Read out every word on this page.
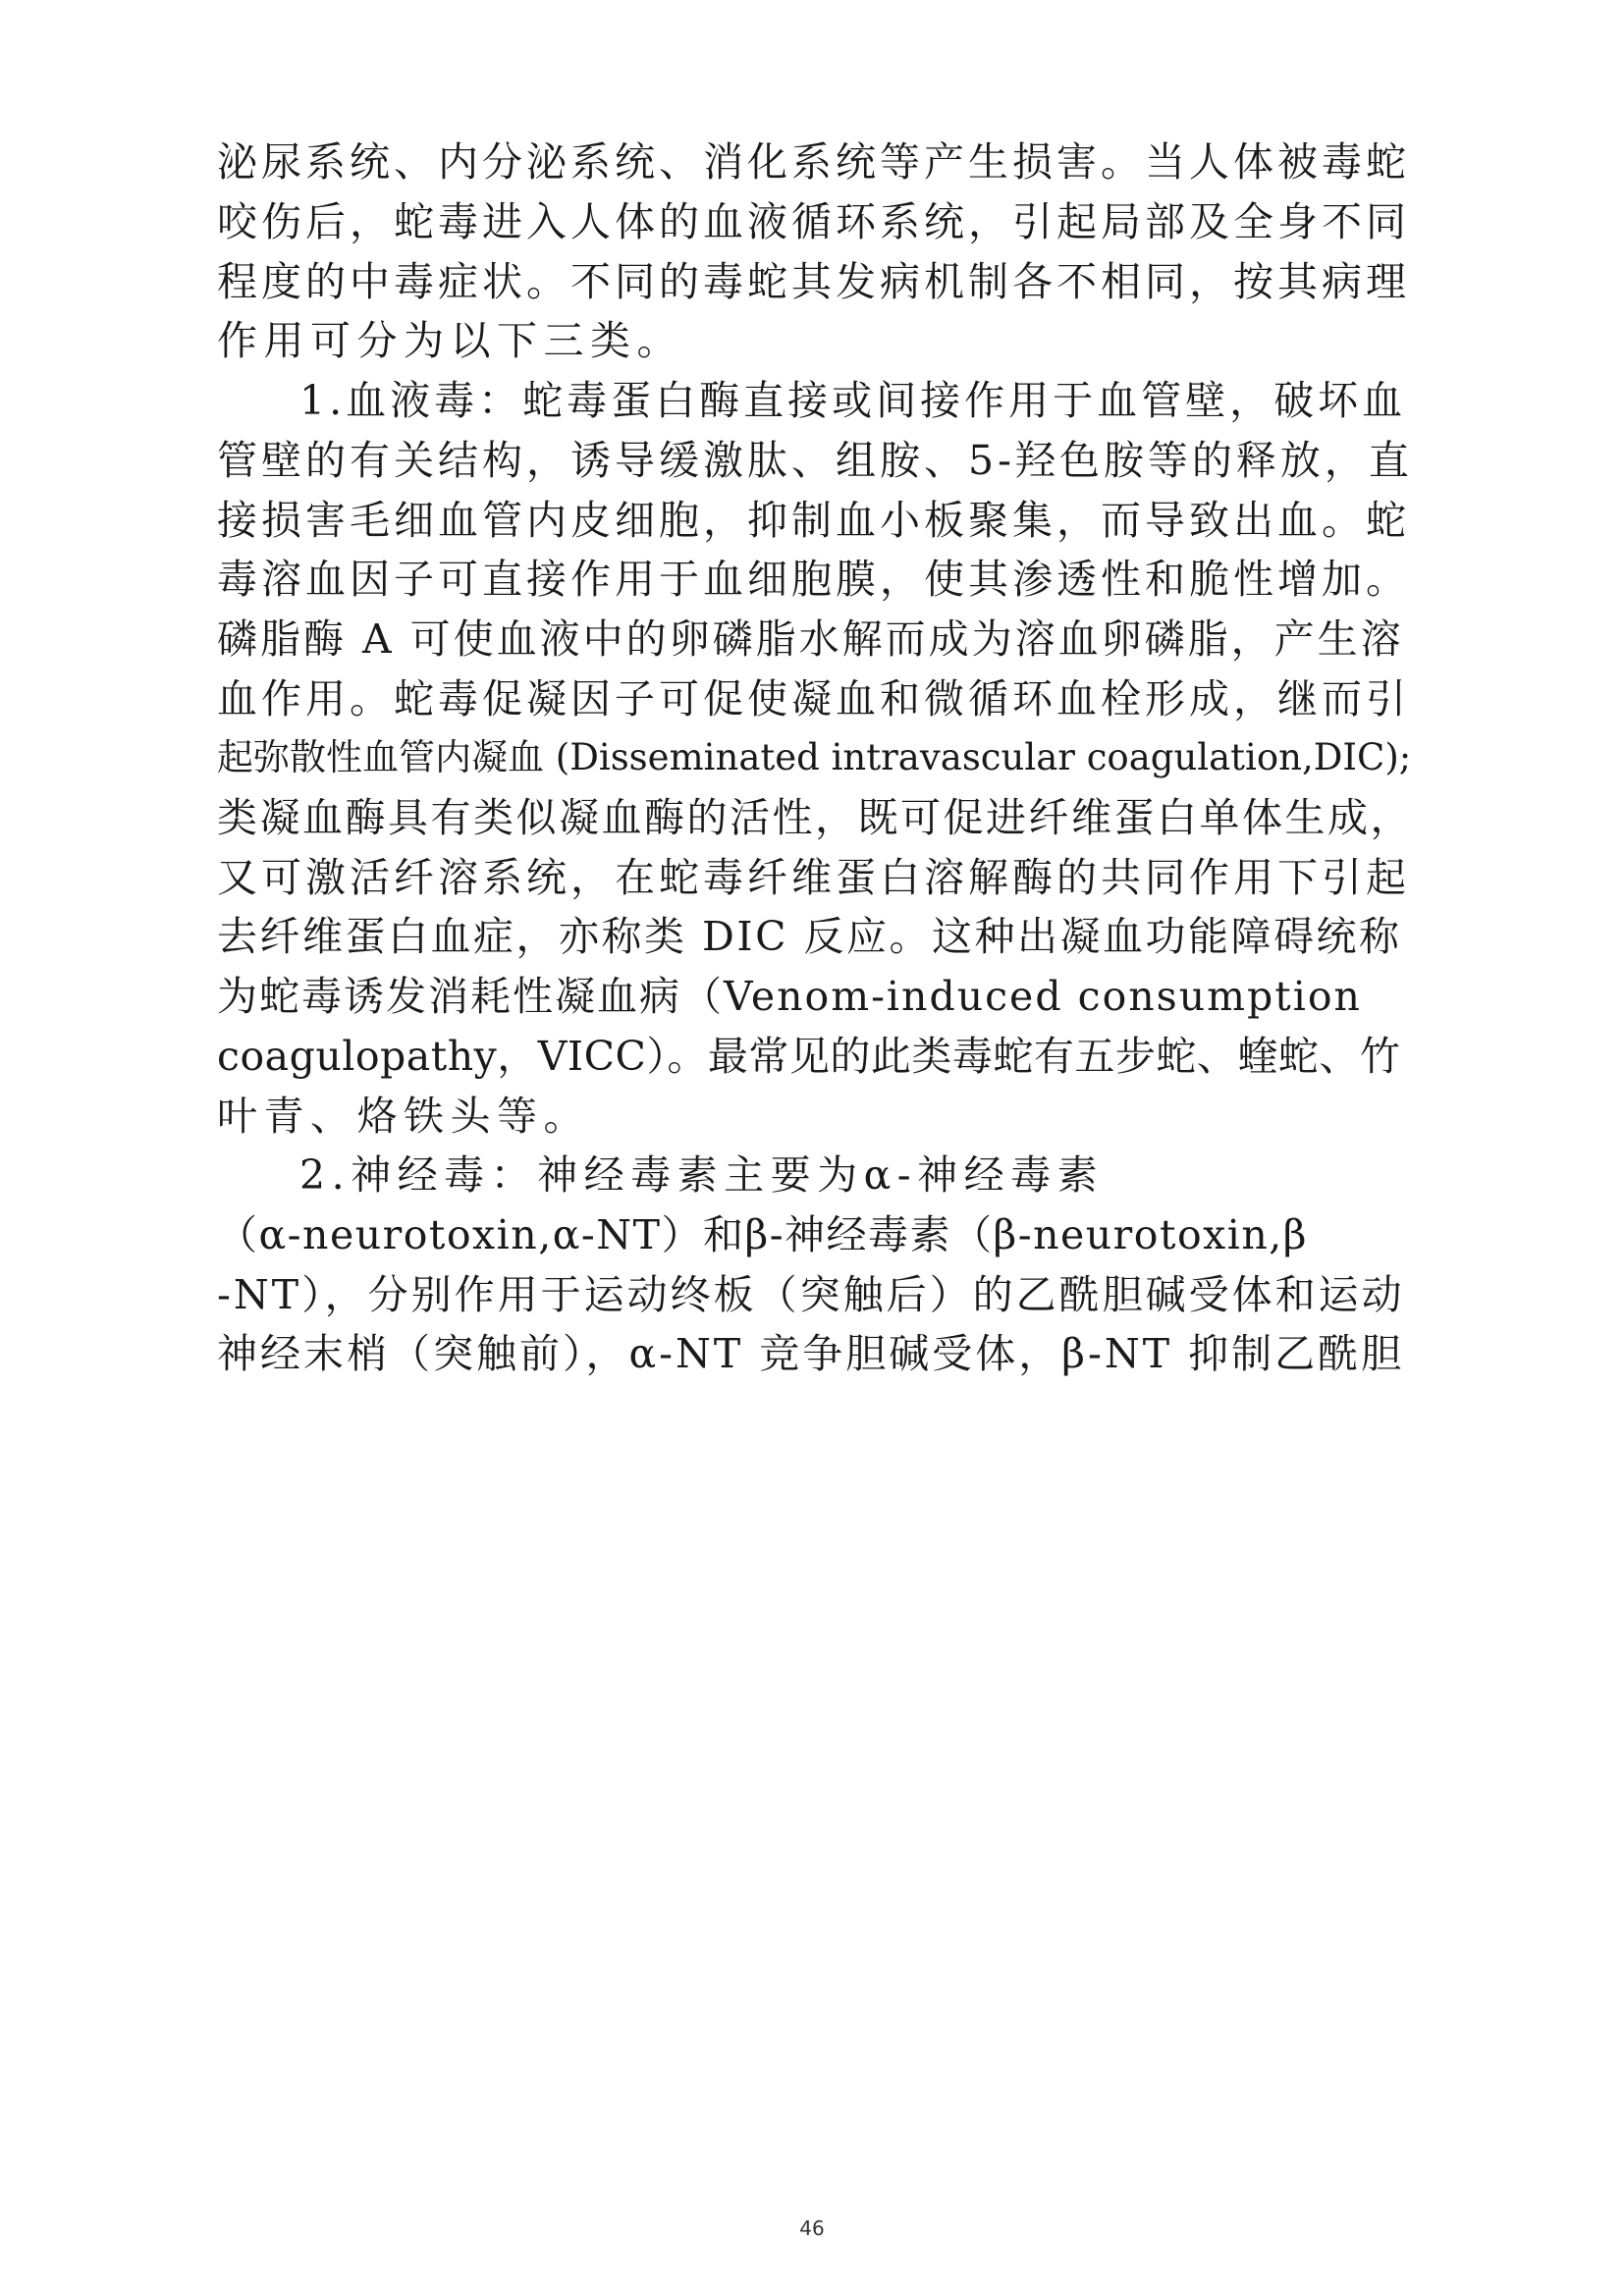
泌尿系统、内分泌系统、消化系统等产生损害。当人体被毒蛇
咬伤后，蛇毒进入人体的血液循环系统，引起局部及全身不同
程度的中毒症状。不同的毒蛇其发病机制各不相同，按其病理
作用可分为以下三类。
1.血液毒：蛇毒蛋白酶直接或间接作用于血管壁，破坏血
管壁的有关结构，诱导缓激肽、组胺、5-羟色胺等的释放，直
接损害毛细血管内皮细胞，抑制血小板聚集，而导致出血。蛇
毒溶血因子可直接作用于血细胞膜，使其渗透性和脆性增加。
磷脂酶 A 可使血液中的卵磷脂水解而成为溶血卵磷脂，产生溶
血作用。蛇毒促凝因子可促使凝血和微循环血栓形成，继而引
起弥散性血管内凝血 (Disseminated intravascular coagulation,DIC);
类凝血酶具有类似凝血酶的活性，既可促进纤维蛋白单体生成，
又可激活纤溶系统，在蛇毒纤维蛋白溶解酶的共同作用下引起
去纤维蛋白血症，亦称类 DIC 反应。这种出凝血功能障碍统称
为蛇毒诱发消耗性凝血病（Venom-induced consumption
coagulopathy，VICC）。最常见的此类毒蛇有五步蛇、蝰蛇、竹
叶青、烙铁头等。
2.神经毒：神经毒素主要为α-神经毒素
（α-neurotoxin,α-NT）和β-神经毒素（β-neurotoxin,β
-NT），分别作用于运动终板（突触后）的乙酰胆碱受体和运动
神经末梢（突触前），α-NT 竞争胆碱受体，β-NT 抑制乙酰胆
46
